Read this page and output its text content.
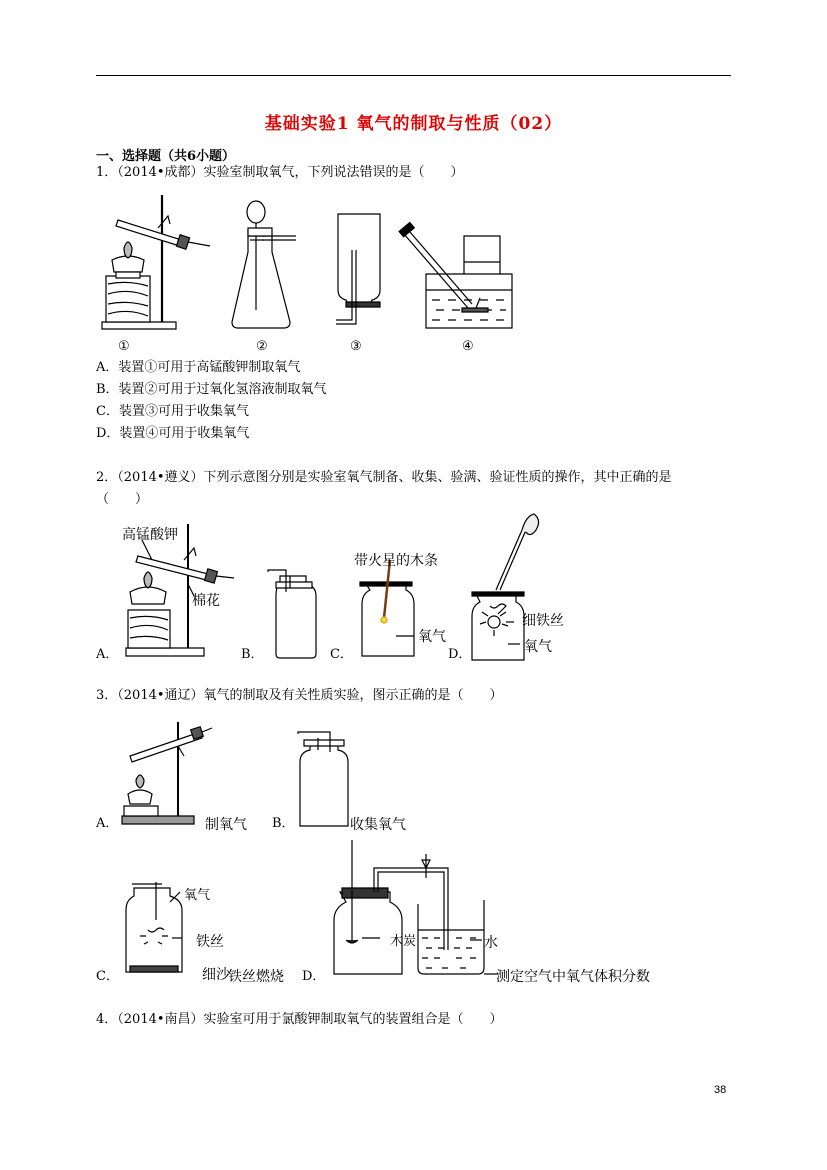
基础实验1 氧气的制取与性质（02）
一、选择题（共6小题）
1．（2014•成都）实验室制取氧气，下列说法错误的是（　　）
①	②	③	④
A．装置①可用于高锰酸钾制取氧气
B．装置②可用于过氧化氢溶液制取氧气
C．装置③可用于收集氧气
D．装置④可用于收集氧气
2．（2014•遵义）下列示意图分别是实验室氧气制备、收集、验满、验证性质的操作，其中正确的是
（　　）
高锰酸钾
棉花
A．	B．
带火星的木条
氧气
C．
细铁丝
氧气
D．
3．（2014•通辽）氧气的制取及有关性质实验，图示正确的是（　　）
A．	制氧气 B．	收集氧气
氧气
铁丝
细沙
C．	铁丝燃烧 D．
木炭	水
测定空气中氧气体积分数
4．（2014•南昌）实验室可用于氯酸钾制取氧气的装置组合是（　　）
38
